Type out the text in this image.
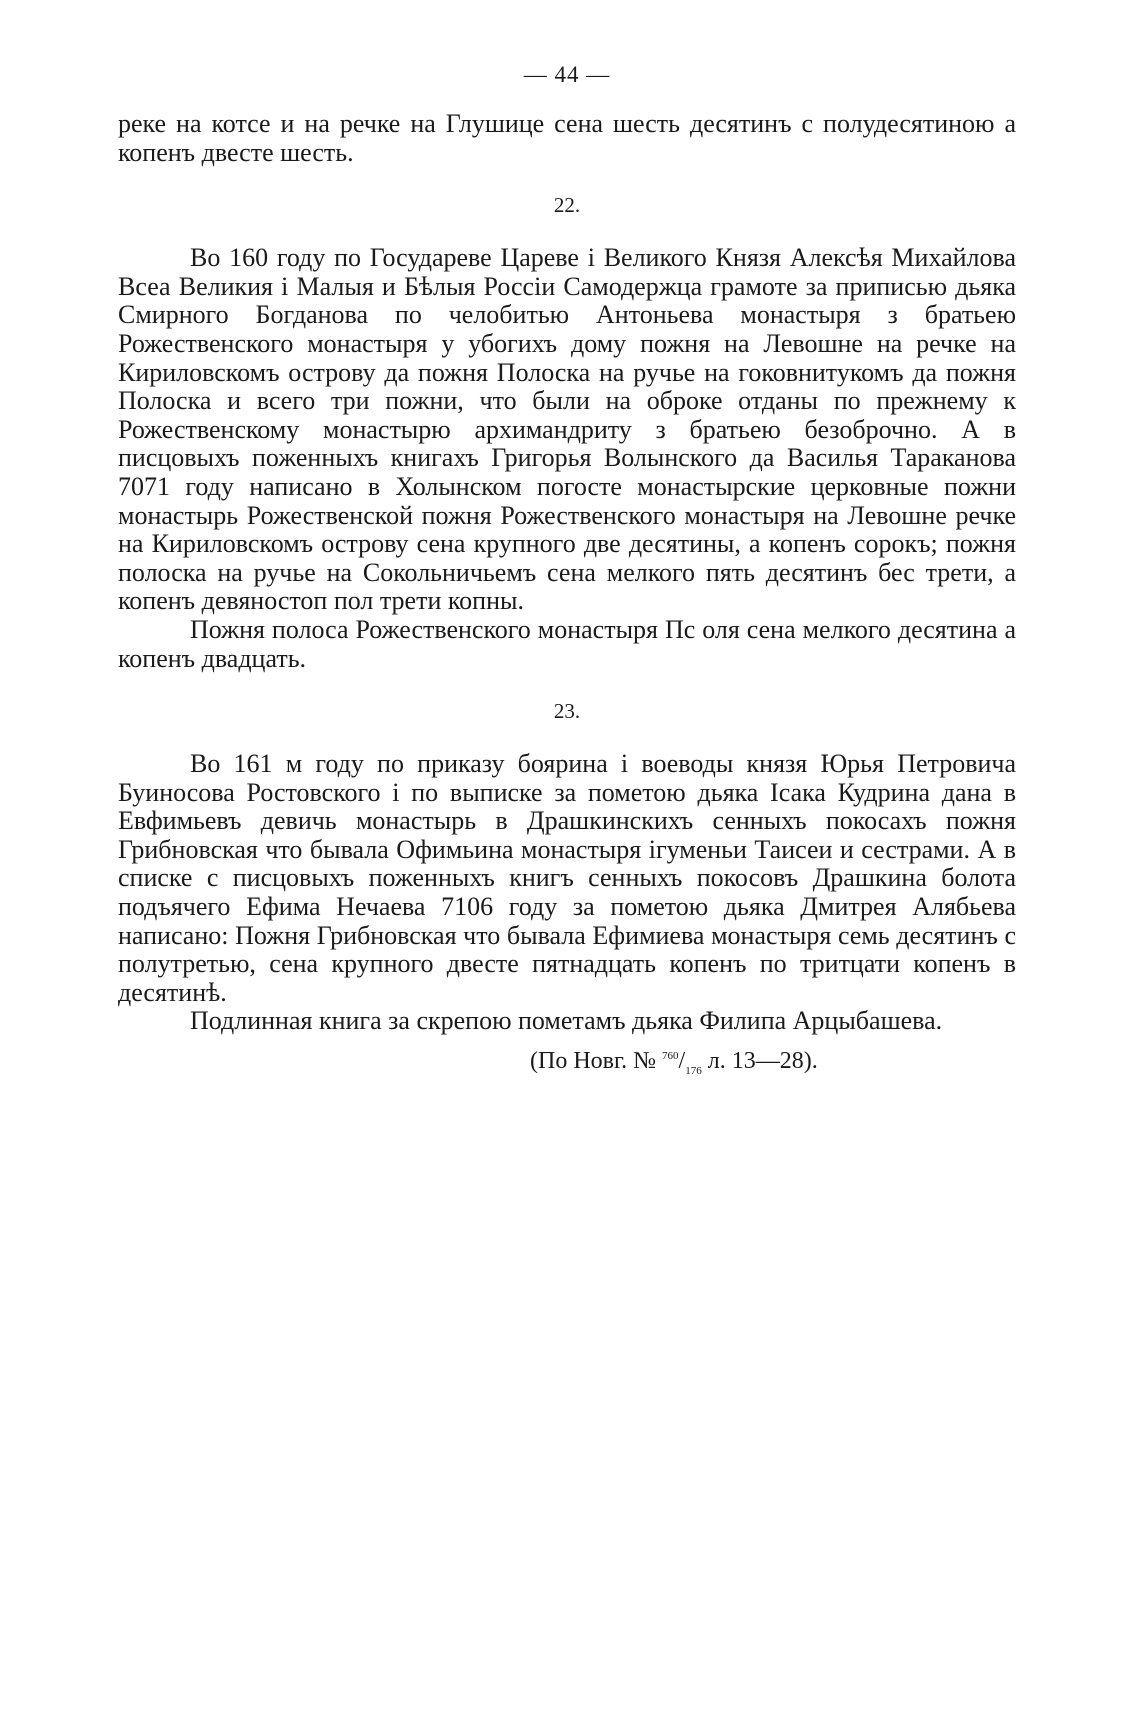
— 44 —

реке на котсе и на речке на Глушице сена шесть десятинъ с полудесятиною а копенъ двесте шесть.

22.

Во 160 году по Государеве Цареве і Великого Князя Алексѣя Михайлова Всеа Великия і Малыя и Бѣлыя Россіи Самодержца грамоте за приписью дьяка Смирного Богданова по челобитью Антоньева монастыря з братьею Рожественского монастыря у убогихъ дому пожня на Левошне на речке на Кириловскомъ острову да пожня Полоска на ручье на гоковнитукомъ да пожня Полоска и всего три пожни, что были на оброке отданы по прежнему к Рожественскому монастырю архимандриту з братьею безоброчно. А в писцовыхъ поженныхъ книгахъ Григорья Волынского да Василья Тараканова 7071 году написано в Холынском погосте монастырские церковные пожни монастырь Рожественской пожня Рожественского монастыря на Левошне речке на Кириловскомъ острову сена крупного две десятины, а копенъ сорокъ; пожня полоска на ручье на Сокольничьемъ сена мелкого пять десятинъ бес трети, а копенъ девяностоп пол трети копны.

Пожня полоса Рожественского монастыря Пс оля сена мелкого десятина а копенъ двадцать.

23.

Во 161 м году по приказу боярина і воеводы князя Юрья Петровича Буиносова Ростовского і по выписке за пометою дьяка Ісака Кудрина дана в Евфимьевъ девичь монастырь в Драшкинскихъ сенныхъ покосахъ пожня Грибновская что бывала Офимьина монастыря ігуменьи Таисеи и сестрами. А в списке с писцовыхъ поженныхъ книгъ сенныхъ покосовъ Драшкина болота подъячего Ефима Нечаева 7106 году за пометою дьяка Дмитрея Алябьева написано: Пожня Грибновская что бывала Ефимиева монастыря семь десятинъ с полутретью, сена крупного двесте пятнадцать копенъ по тритцати копенъ в десятинѣ.

Подлинная книга за скрепою пометамъ дьяка Филипа Арцыбашева.

(По Новг. № $^{760}/_{176}$ л. 13—28).
